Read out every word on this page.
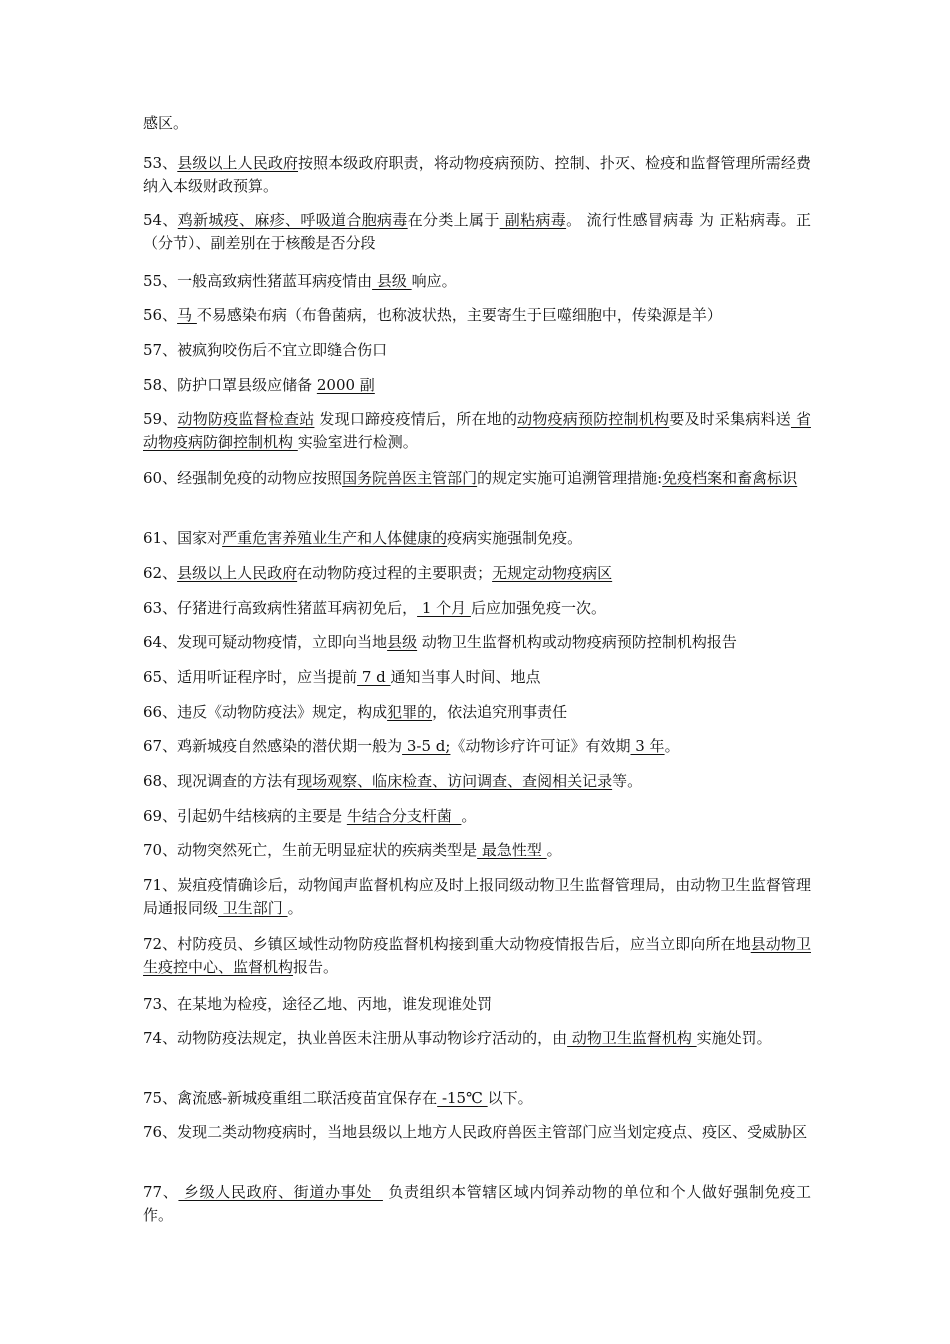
感区。

53、县级以上人民政府按照本级政府职责，将动物疫病预防、控制、扑灭、检疫和监督管理所需经费纳入本级财政预算。

54、鸡新城疫、麻疹、呼吸道合胞病毒在分类上属于 副粘病毒。 流行性感冒病毒 为 正粘病毒。正（分节）、副差别在于核酸是否分段

55、一般高致病性猪蓝耳病疫情由 县级 响应。

56、马 不易感染布病（布鲁菌病，也称波状热，主要寄生于巨噬细胞中，传染源是羊）

57、被疯狗咬伤后不宜立即缝合伤口

58、防护口罩县级应储备 2000 副

59、动物防疫监督检查站 发现口蹄疫疫情后，所在地的动物疫病预防控制机构要及时采集病料送 省动物疫病防御控制机构 实验室进行检测。

60、经强制免疫的动物应按照国务院兽医主管部门的规定实施可追溯管理措施:免疫档案和畜禽标识

61、国家对严重危害养殖业生产和人体健康的疫病实施强制免疫。

62、县级以上人民政府在动物防疫过程的主要职责；无规定动物疫病区

63、仔猪进行高致病性猪蓝耳病初免后， 1 个月 后应加强免疫一次。

64、发现可疑动物疫情，立即向当地县级 动物卫生监督机构或动物疫病预防控制机构报告

65、适用听证程序时，应当提前 7 d 通知当事人时间、地点

66、违反《动物防疫法》规定，构成犯罪的，依法追究刑事责任

67、鸡新城疫自然感染的潜伏期一般为 3-5 d;《动物诊疗许可证》有效期 3 年。

68、现况调查的方法有现场观察、临床检查、访问调查、查阅相关记录等。

69、引起奶牛结核病的主要是 牛结合分支杆菌  。

70、动物突然死亡，生前无明显症状的疾病类型是 最急性型 。

71、炭疽疫情确诊后，动物闻声监督机构应及时上报同级动物卫生监督管理局，由动物卫生监督管理局通报同级 卫生部门 。

72、村防疫员、乡镇区域性动物防疫监督机构接到重大动物疫情报告后，应当立即向所在地县动物卫生疫控中心、监督机构报告。

73、在某地为检疫，途径乙地、丙地，谁发现谁处罚

74、动物防疫法规定，执业兽医未注册从事动物诊疗活动的，由 动物卫生监督机构 实施处罚。

75、禽流感-新城疫重组二联活疫苗宜保存在 -15℃ 以下。

76、发现二类动物疫病时，当地县级以上地方人民政府兽医主管部门应当划定疫点、疫区、受威胁区

77、 乡级人民政府、街道办事处   负责组织本管辖区域内饲养动物的单位和个人做好强制免疫工作。
